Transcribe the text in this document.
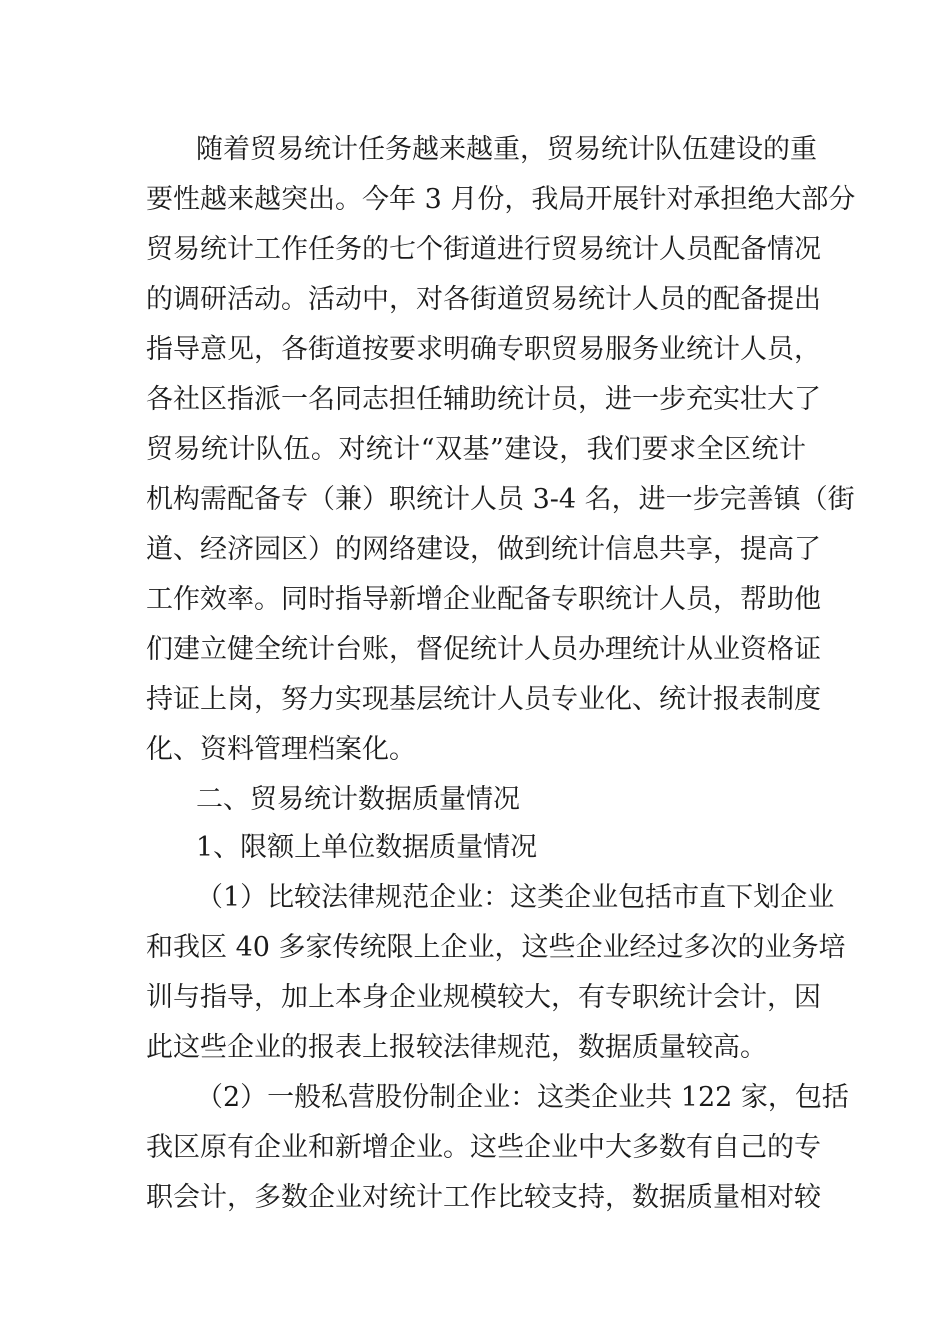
随着贸易统计任务越来越重，贸易统计队伍建设的重
要性越来越突出。今年 3 月份，我局开展针对承担绝大部分
贸易统计工作任务的七个街道进行贸易统计人员配备情况
的调研活动。活动中，对各街道贸易统计人员的配备提出
指导意见，各街道按要求明确专职贸易服务业统计人员，
各社区指派一名同志担任辅助统计员，进一步充实壮大了
贸易统计队伍。对统计“双基”建设，我们要求全区统计
机构需配备专（兼）职统计人员 3-4 名，进一步完善镇（街
道、经济园区）的网络建设，做到统计信息共享，提高了
工作效率。同时指导新增企业配备专职统计人员，帮助他
们建立健全统计台账，督促统计人员办理统计从业资格证
持证上岗，努力实现基层统计人员专业化、统计报表制度
化、资料管理档案化。
二、贸易统计数据质量情况
1、限额上单位数据质量情况
（1）比较法律规范企业：这类企业包括市直下划企业
和我区 40 多家传统限上企业，这些企业经过多次的业务培
训与指导，加上本身企业规模较大，有专职统计会计，因
此这些企业的报表上报较法律规范，数据质量较高。
（2）一般私营股份制企业：这类企业共 122 家，包括
我区原有企业和新增企业。这些企业中大多数有自己的专
职会计，多数企业对统计工作比较支持，数据质量相对较
